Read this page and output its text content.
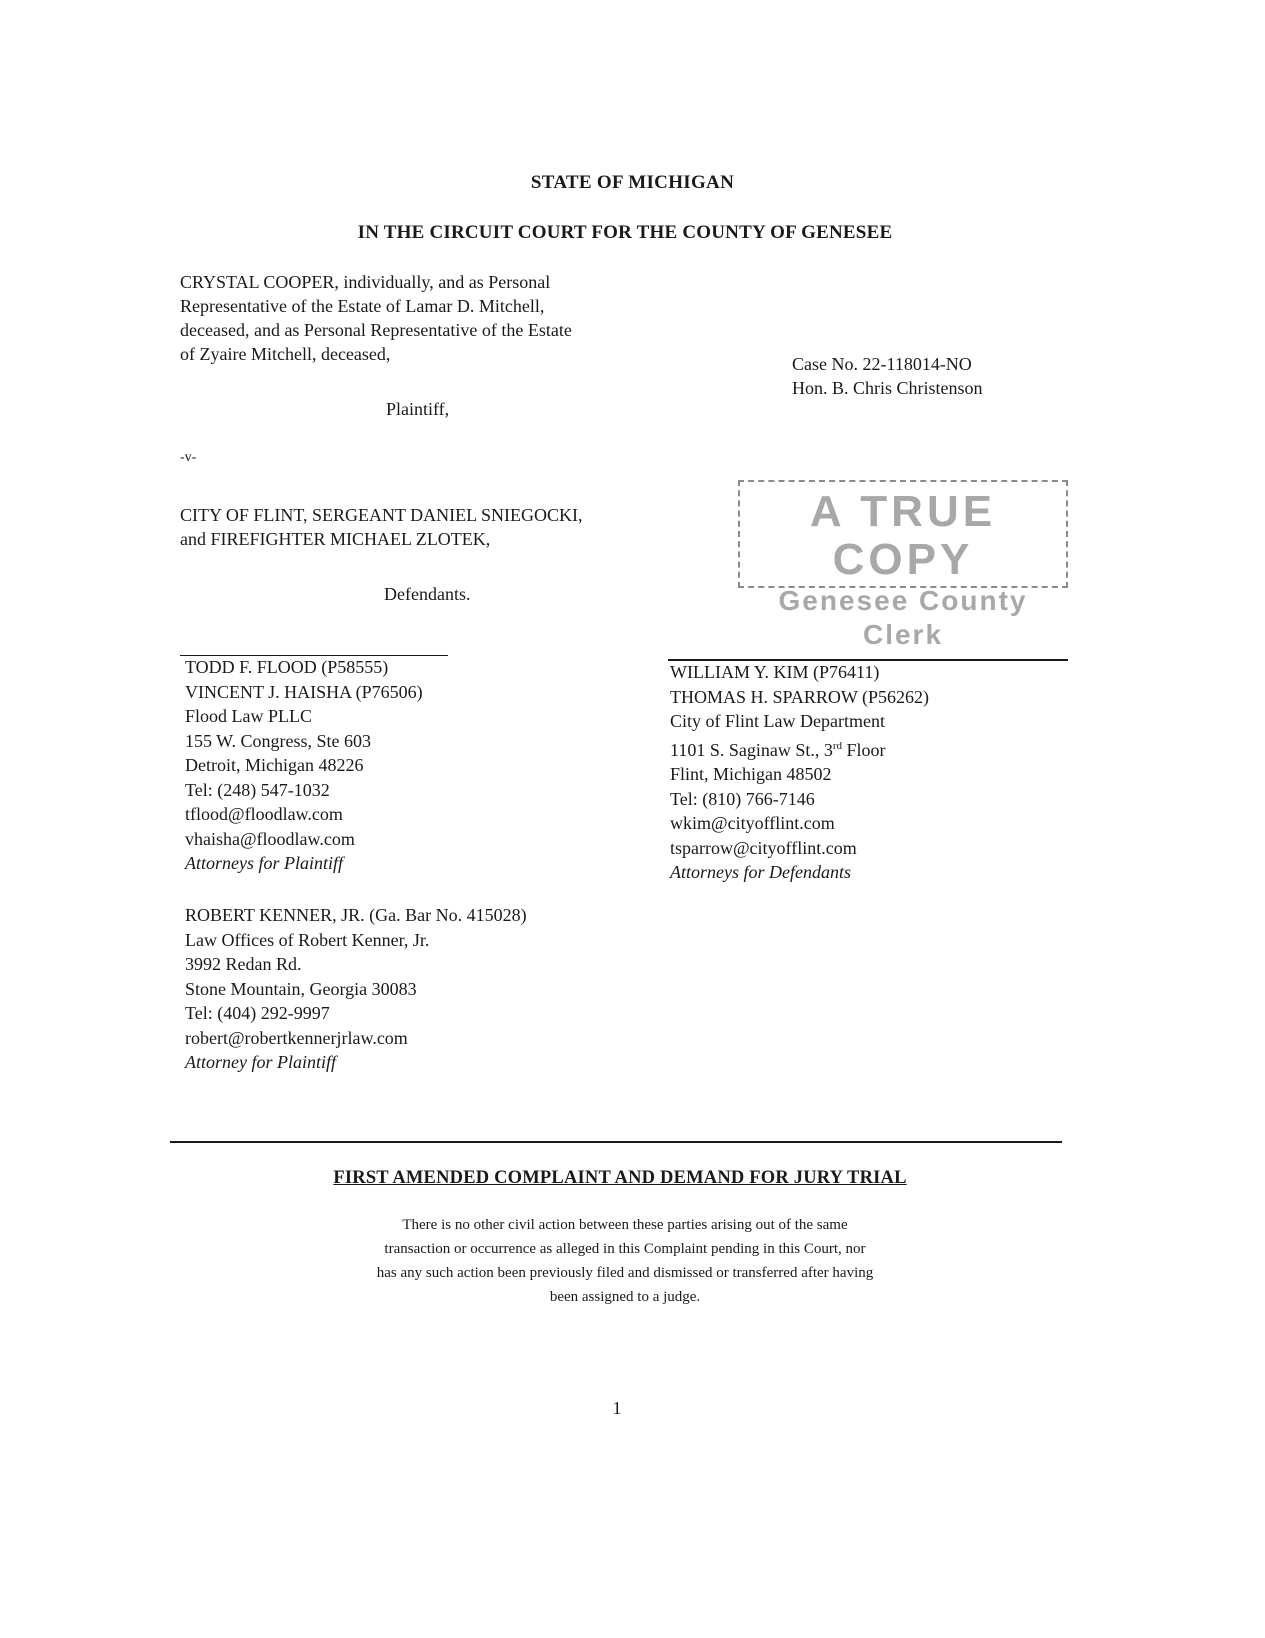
STATE OF MICHIGAN
IN THE CIRCUIT COURT FOR THE COUNTY OF GENESEE
CRYSTAL COOPER, individually, and as Personal
Representative of the Estate of Lamar D. Mitchell,
deceased, and as Personal Representative of the Estate
of Zyaire Mitchell, deceased,
Plaintiff,
Case No. 22-118014-NO
Hon. B. Chris Christenson
-v-
CITY OF FLINT, SERGEANT DANIEL SNIEGOCKI,
and FIREFIGHTER MICHAEL ZLOTEK,
Defendants.
A TRUE COPY
Genesee County Clerk
TODD F. FLOOD (P58555)
VINCENT J. HAISHA (P76506)
Flood Law PLLC
155 W. Congress, Ste 603
Detroit, Michigan 48226
Tel: (248) 547-1032
tflood@floodlaw.com
vhaisha@floodlaw.com
Attorneys for Plaintiff
WILLIAM Y. KIM (P76411)
THOMAS H. SPARROW (P56262)
City of Flint Law Department
1101 S. Saginaw St., 3rd Floor
Flint, Michigan 48502
Tel: (810) 766-7146
wkim@cityofflint.com
tsparrow@cityofflint.com
Attorneys for Defendants
ROBERT KENNER, JR. (Ga. Bar No. 415028)
Law Offices of Robert Kenner, Jr.
3992 Redan Rd.
Stone Mountain, Georgia 30083
Tel: (404) 292-9997
robert@robertkennerjrlaw.com
Attorney for Plaintiff
FIRST AMENDED COMPLAINT AND DEMAND FOR JURY TRIAL
There is no other civil action between these parties arising out of the same
transaction or occurrence as alleged in this Complaint pending in this Court, nor
has any such action been previously filed and dismissed or transferred after having
been assigned to a judge.
1
